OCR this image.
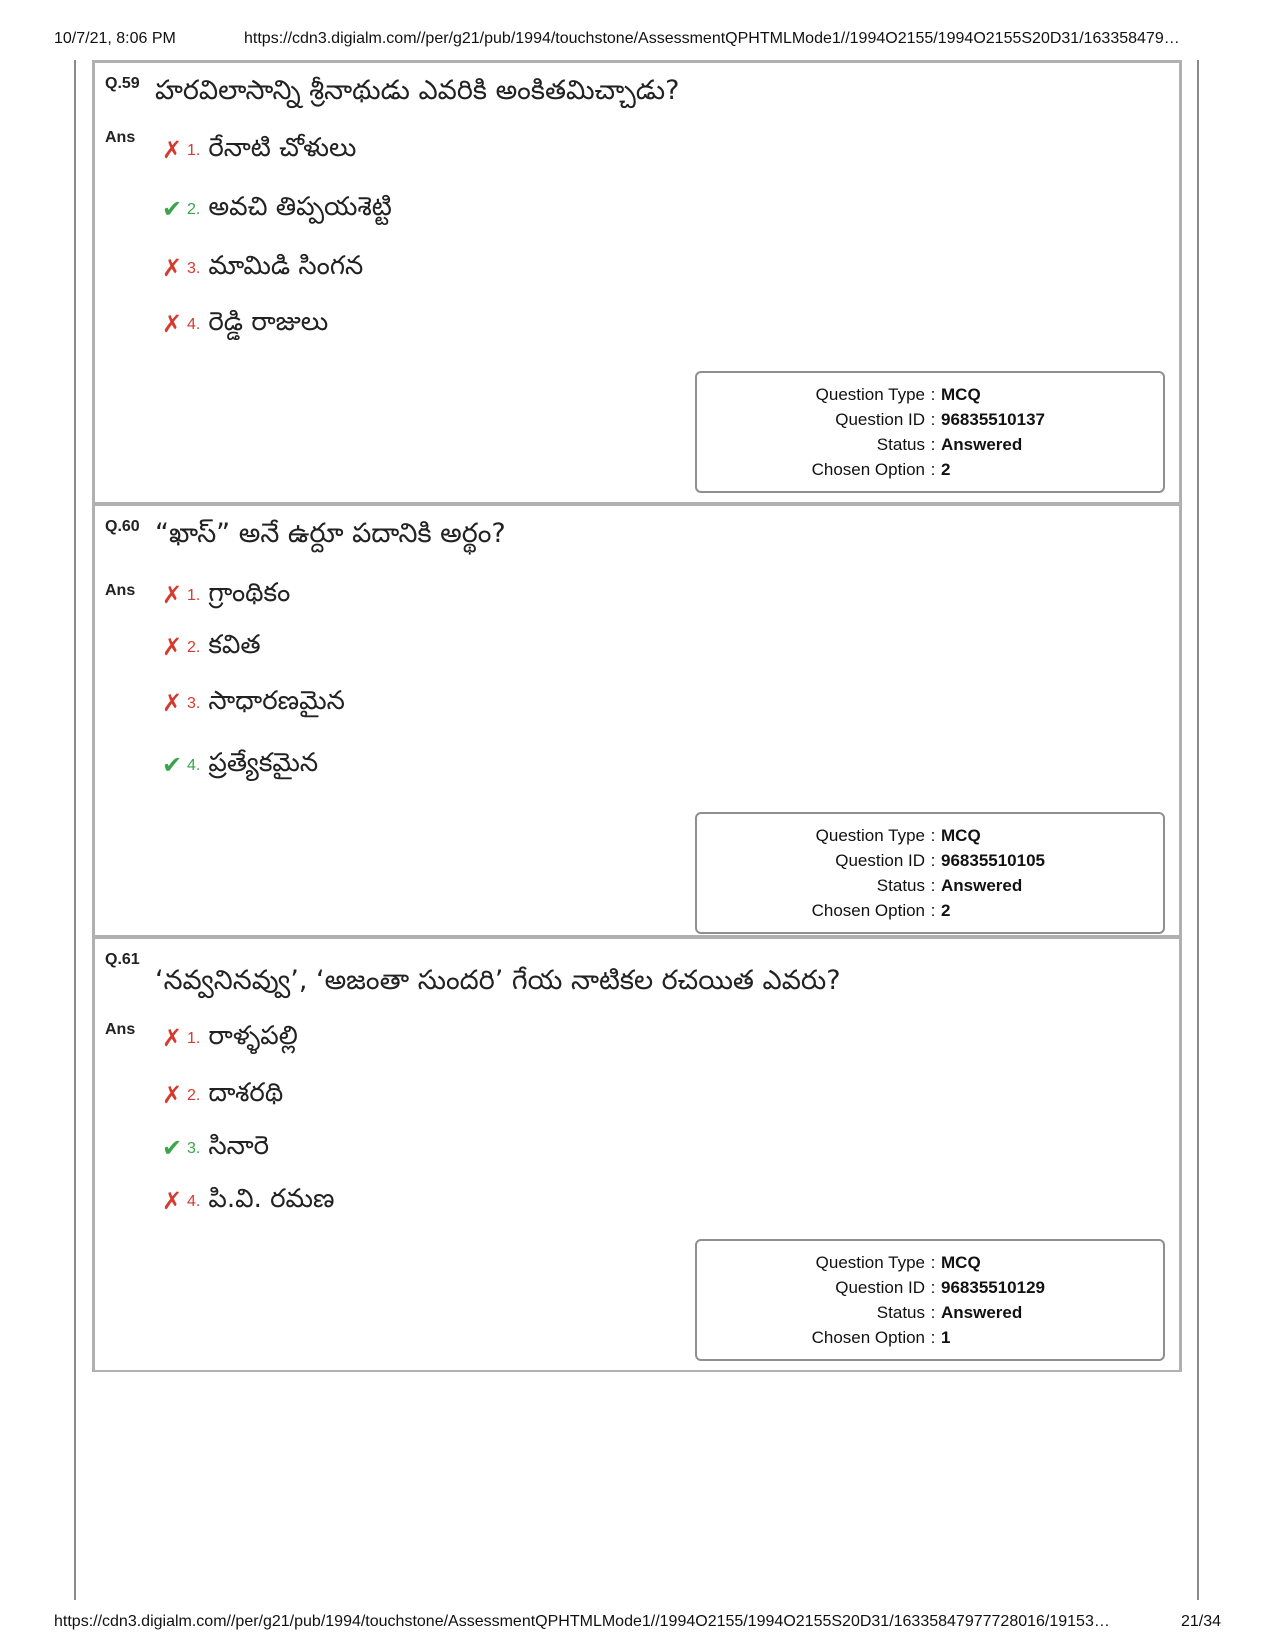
10/7/21, 8:06 PM	https://cdn3.digialm.com//per/g21/pub/1994/touchstone/AssessmentQPHTMLMode1//1994O2155/1994O2155S20D31/163358479…
Q.59 హరవిలాసాన్ని శ్రీనాథుడు ఎవరికి అంకితమిచ్చాడు?
Ans ✗ 1. రేనాటి చోళులు
✔ 2. అవచి తిప్పయశెట్టి
✗ 3. మామిడి సింగన
✗ 4. రెడ్డి రాజులు
Question Type : MCQ
Question ID : 96835510137
Status : Answered
Chosen Option : 2
Q.60 “ఖాస్” అనే ఉర్దూ పదానికి అర్థం?
Ans ✗ 1. గ్రాంథికం
✗ 2. కవిత
✗ 3. సాధారణమైన
✔ 4. ప్రత్యేకమైన
Question Type : MCQ
Question ID : 96835510105
Status : Answered
Chosen Option : 2
Q.61
‘నవ్వనినవ్వు’, ‘అజంతా సుందరి’ గేయ నాటికల రచయిత ఎవరు?
Ans ✗ 1. రాళ్ళపల్లి
✗ 2. దాశరథి
✔ 3. సినారె
✗ 4. పి.వి. రమణ
Question Type : MCQ
Question ID : 96835510129
Status : Answered
Chosen Option : 1
https://cdn3.digialm.com//per/g21/pub/1994/touchstone/AssessmentQPHTMLMode1//1994O2155/1994O2155S20D31/16335847977728016/19153…	21/34
